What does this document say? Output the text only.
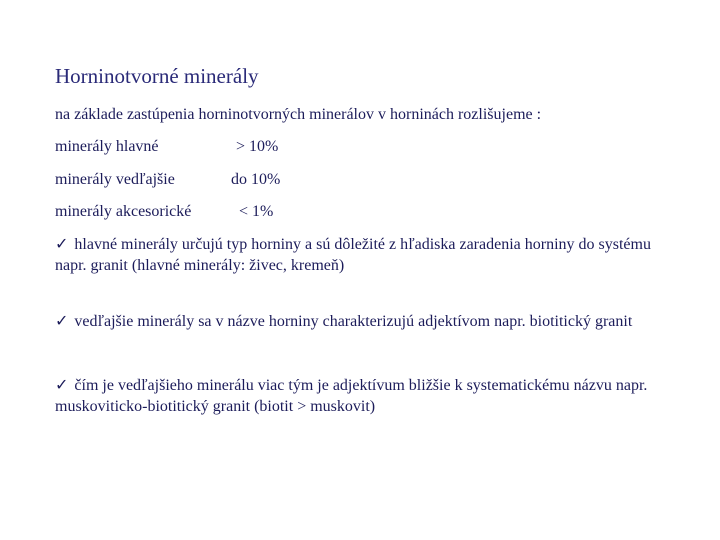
Horninotvorné minerály
na základe zastúpenia horninotvorných minerálov v horninách rozlišujeme :
minerály hlavné	> 10%
minerály vedľajšie	do 10%
minerály akcesorické	< 1%
✓ hlavné minerály určujú typ horniny a sú dôležité z hľadiska zaradenia horniny do systému napr. granit (hlavné minerály: živec, kremeň)
✓ vedľajšie minerály sa v názve horniny charakterizujú adjektívom napr. biotitický granit
✓ čím je vedľajšieho minerálu viac tým je adjektívum bližšie k systematickému názvu napr. muskoviticko-biotitický granit (biotit > muskovit)
